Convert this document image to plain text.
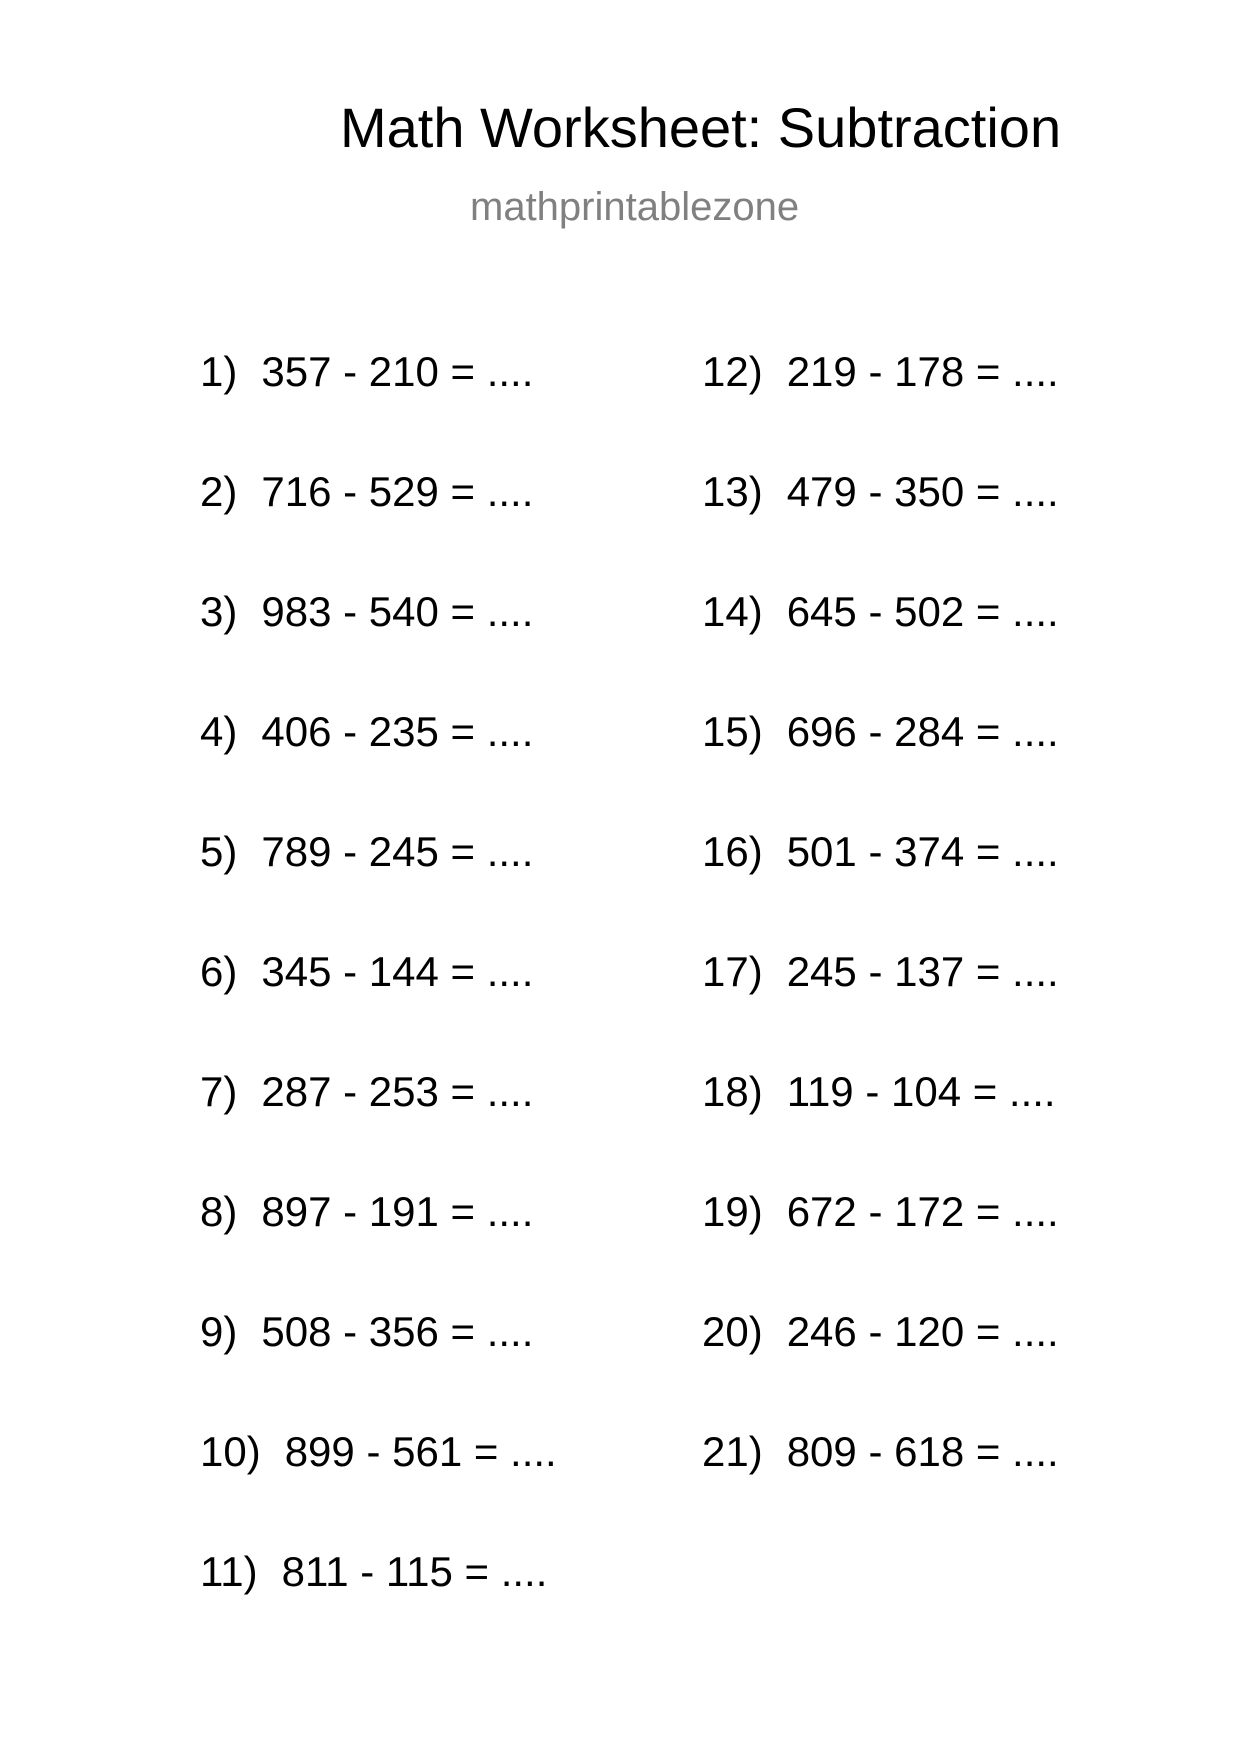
Math Worksheet: Subtraction
mathprintablezone
1) 357 - 210 = ....
2) 716 - 529 = ....
3) 983 - 540 = ....
4) 406 - 235 = ....
5) 789 - 245 = ....
6) 345 - 144 = ....
7) 287 - 253 = ....
8) 897 - 191 = ....
9) 508 - 356 = ....
10) 899 - 561 = ....
11) 811 - 115 = ....
12) 219 - 178 = ....
13) 479 - 350 = ....
14) 645 - 502 = ....
15) 696 - 284 = ....
16) 501 - 374 = ....
17) 245 - 137 = ....
18) 119 - 104 = ....
19) 672 - 172 = ....
20) 246 - 120 = ....
21) 809 - 618 = ....
